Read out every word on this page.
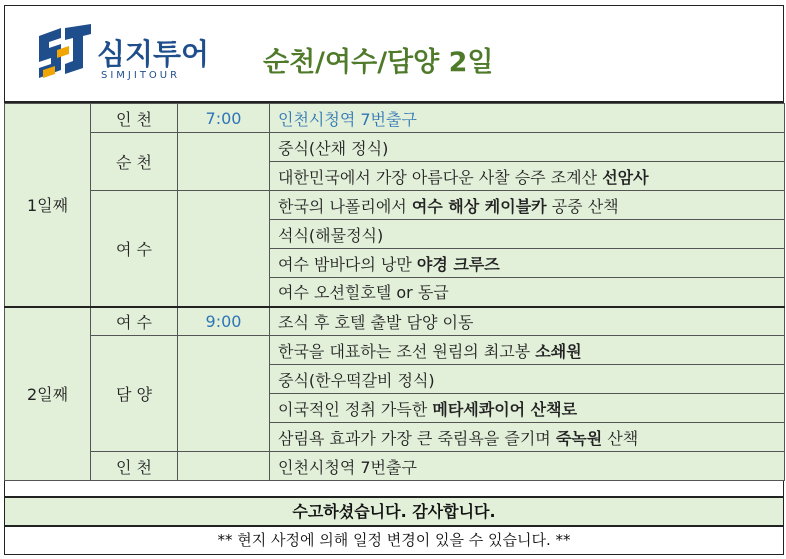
심지투어
SIMJITOUR	순천/여수/담양 2일
1일째	인 천	7:00	인천시청역 7번출구
	순 천		중식(산채 정식)
			대한민국에서 가장 아름다운 사찰 승주 조계산 선암사
	여 수		한국의 나폴리에서 여수 해상 케이블카 공중 산책
			석식(해물정식)
			여수 밤바다의 낭만 야경 크루즈
			여수 오션힐호텔 or 동급
2일째	여 수	9:00	조식 후 호텔 출발 담양 이동
	담 양		한국을 대표하는 조선 원림의 최고봉 소쇄원
			중식(한우떡갈비 정식)
			이국적인 정취 가득한 메타세콰이어 산책로
			삼림욕 효과가 가장 큰 죽림욕을 즐기며 죽녹원 산책
	인 천		인천시청역 7번출구
수고하셨습니다. 감사합니다.
** 현지 사정에 의해 일정 변경이 있을 수 있습니다. **
